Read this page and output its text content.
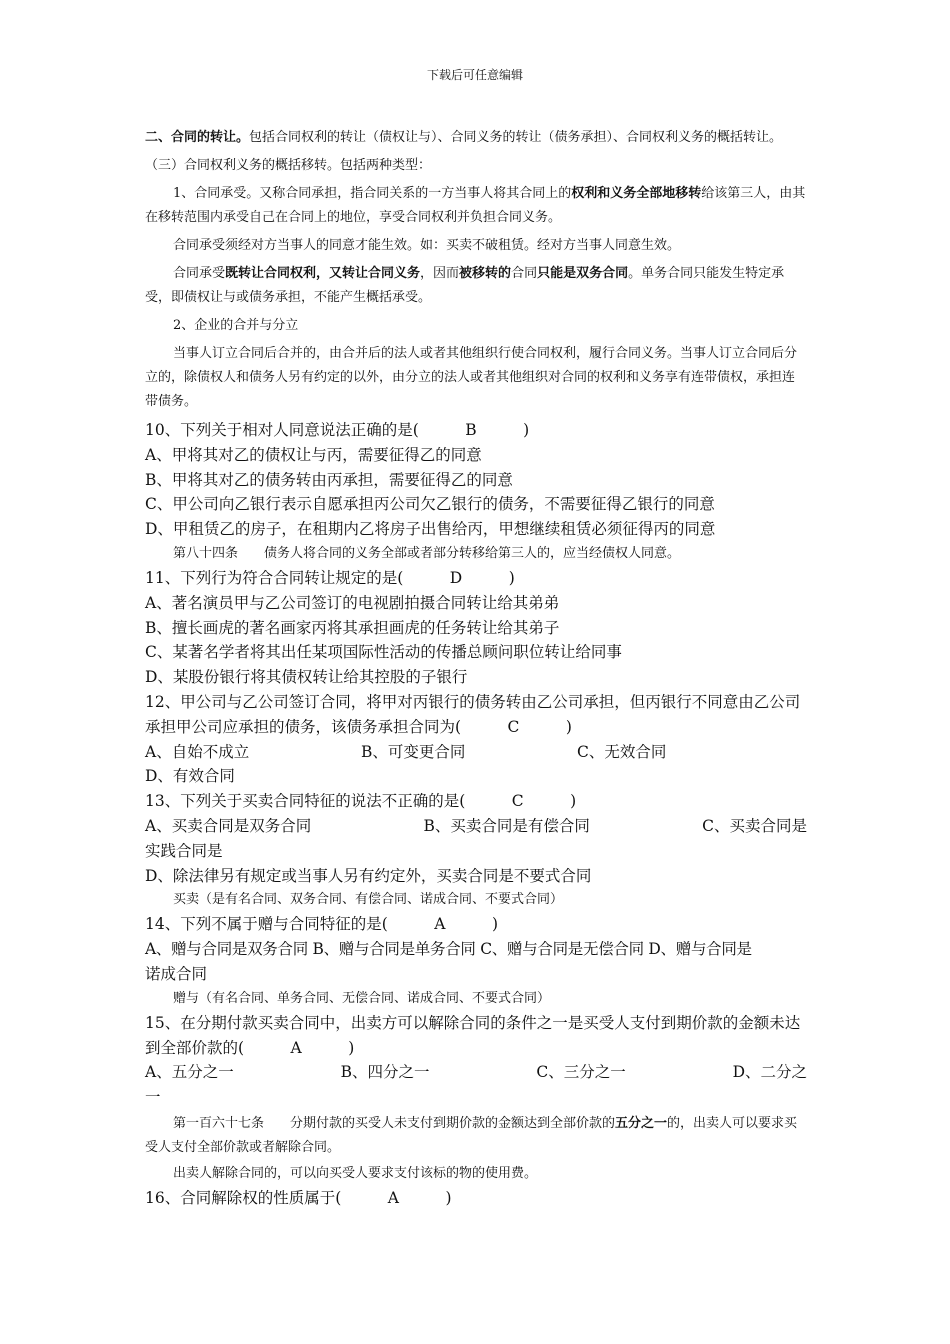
下载后可任意编辑

二、合同的转让。包括合同权利的转让（债权让与）、合同义务的转让（债务承担）、合同权利义务的概括转让。

（三）合同权利义务的概括移转。包括两种类型：

1、合同承受。又称合同承担，指合同关系的一方当事人将其合同上的权利和义务全部地移转给该第三人，由其在移转范围内承受自己在合同上的地位，享受合同权利并负担合同义务。

合同承受须经对方当事人的同意才能生效。如：买卖不破租赁。经对方当事人同意生效。

合同承受既转让合同权利，又转让合同义务，因而被移转的合同只能是双务合同。单务合同只能发生特定承受，即债权让与或债务承担，不能产生概括承受。

2、企业的合并与分立

当事人订立合同后合并的，由合并后的法人或者其他组织行使合同权利，履行合同义务。当事人订立合同后分立的，除债权人和债务人另有约定的以外，由分立的法人或者其他组织对合同的权利和义务享有连带债权，承担连带债务。

10、下列关于相对人同意说法正确的是(　　　B　　　)

A、甲将其对乙的债权让与丙，需要征得乙的同意

B、甲将其对乙的债务转由丙承担，需要征得乙的同意

C、甲公司向乙银行表示自愿承担丙公司欠乙银行的债务，不需要征得乙银行的同意

D、甲租赁乙的房子，在租期内乙将房子出售给丙，甲想继续租赁必须征得丙的同意

第八十四条　　债务人将合同的义务全部或者部分转移给第三人的，应当经债权人同意。

11、下列行为符合合同转让规定的是(　　　D　　　)

A、著名演员甲与乙公司签订的电视剧拍摄合同转让给其弟弟

B、擅长画虎的著名画家丙将其承担画虎的任务转让给其弟子

C、某著名学者将其出任某项国际性活动的传播总顾问职位转让给同事

D、某股份银行将其债权转让给其控股的子银行

12、甲公司与乙公司签订合同，将甲对丙银行的债务转由乙公司承担，但丙银行不同意由乙公司承担甲公司应承担的债务，该债务承担合同为(　　　C　　　)

A、自始不成立	B、可变更合同	C、无效合同

D、有效合同

13、下列关于买卖合同特征的说法不正确的是(　　　C　　　)

A、买卖合同是双务合同	B、买卖合同是有偿合同	C、买卖合同是

实践合同是

D、除法律另有规定或当事人另有约定外，买卖合同是不要式合同

买卖（是有名合同、双务合同、有偿合同、诺成合同、不要式合同）

14、下列不属于赠与合同特征的是(　　　A　　　)

A、赠与合同是双务合同 B、赠与合同是单务合同 C、赠与合同是无偿合同 D、赠与合同是

诺成合同

赠与（有名合同、单务合同、无偿合同、诺成合同、不要式合同）

15、在分期付款买卖合同中，出卖方可以解除合同的条件之一是买受人支付到期价款的金额未达到全部价款的(　　　A　　　)

A、五分之一	B、四分之一	C、三分之一	D、二分之

一

第一百六十七条　　分期付款的买受人未支付到期价款的金额达到全部价款的五分之一的，出卖人可以要求买受人支付全部价款或者解除合同。

出卖人解除合同的，可以向买受人要求支付该标的物的使用费。

16、合同解除权的性质属于(　　　A　　　)
